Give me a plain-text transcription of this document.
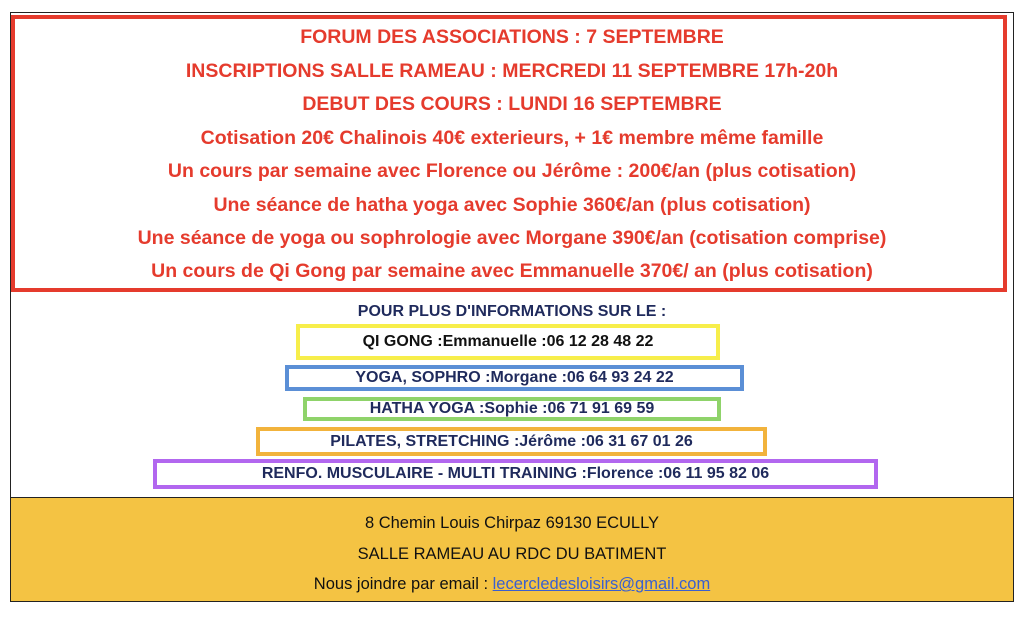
FORUM DES ASSOCIATIONS : 7 SEPTEMBRE
INSCRIPTIONS SALLE RAMEAU : MERCREDI 11 SEPTEMBRE 17h-20h
DEBUT DES COURS : LUNDI 16 SEPTEMBRE
Cotisation 20€ Chalinois 40€ exterieurs, + 1€ membre même famille
Un cours par semaine avec Florence ou Jérôme : 200€/an (plus cotisation)
Une séance de hatha yoga avec Sophie 360€/an (plus cotisation)
Une séance de yoga ou sophrologie avec Morgane 390€/an (cotisation comprise)
Un cours de Qi Gong par semaine avec Emmanuelle 370€/ an (plus cotisation)
POUR PLUS D'INFORMATIONS SUR LE :
QI GONG : Emmanuelle : 06 12 28 48 22
YOGA, SOPHRO : Morgane : 06 64 93 24 22
HATHA YOGA : Sophie : 06 71 91 69 59
PILATES, STRETCHING : Jérôme : 06 31 67 01 26
RENFO. MUSCULAIRE - MULTI TRAINING : Florence : 06 11 95 82 06
8 Chemin Louis Chirpaz 69130 ECULLY
SALLE RAMEAU AU RDC DU BATIMENT
Nous joindre par email : lecercledesloisirs@gmail.com
